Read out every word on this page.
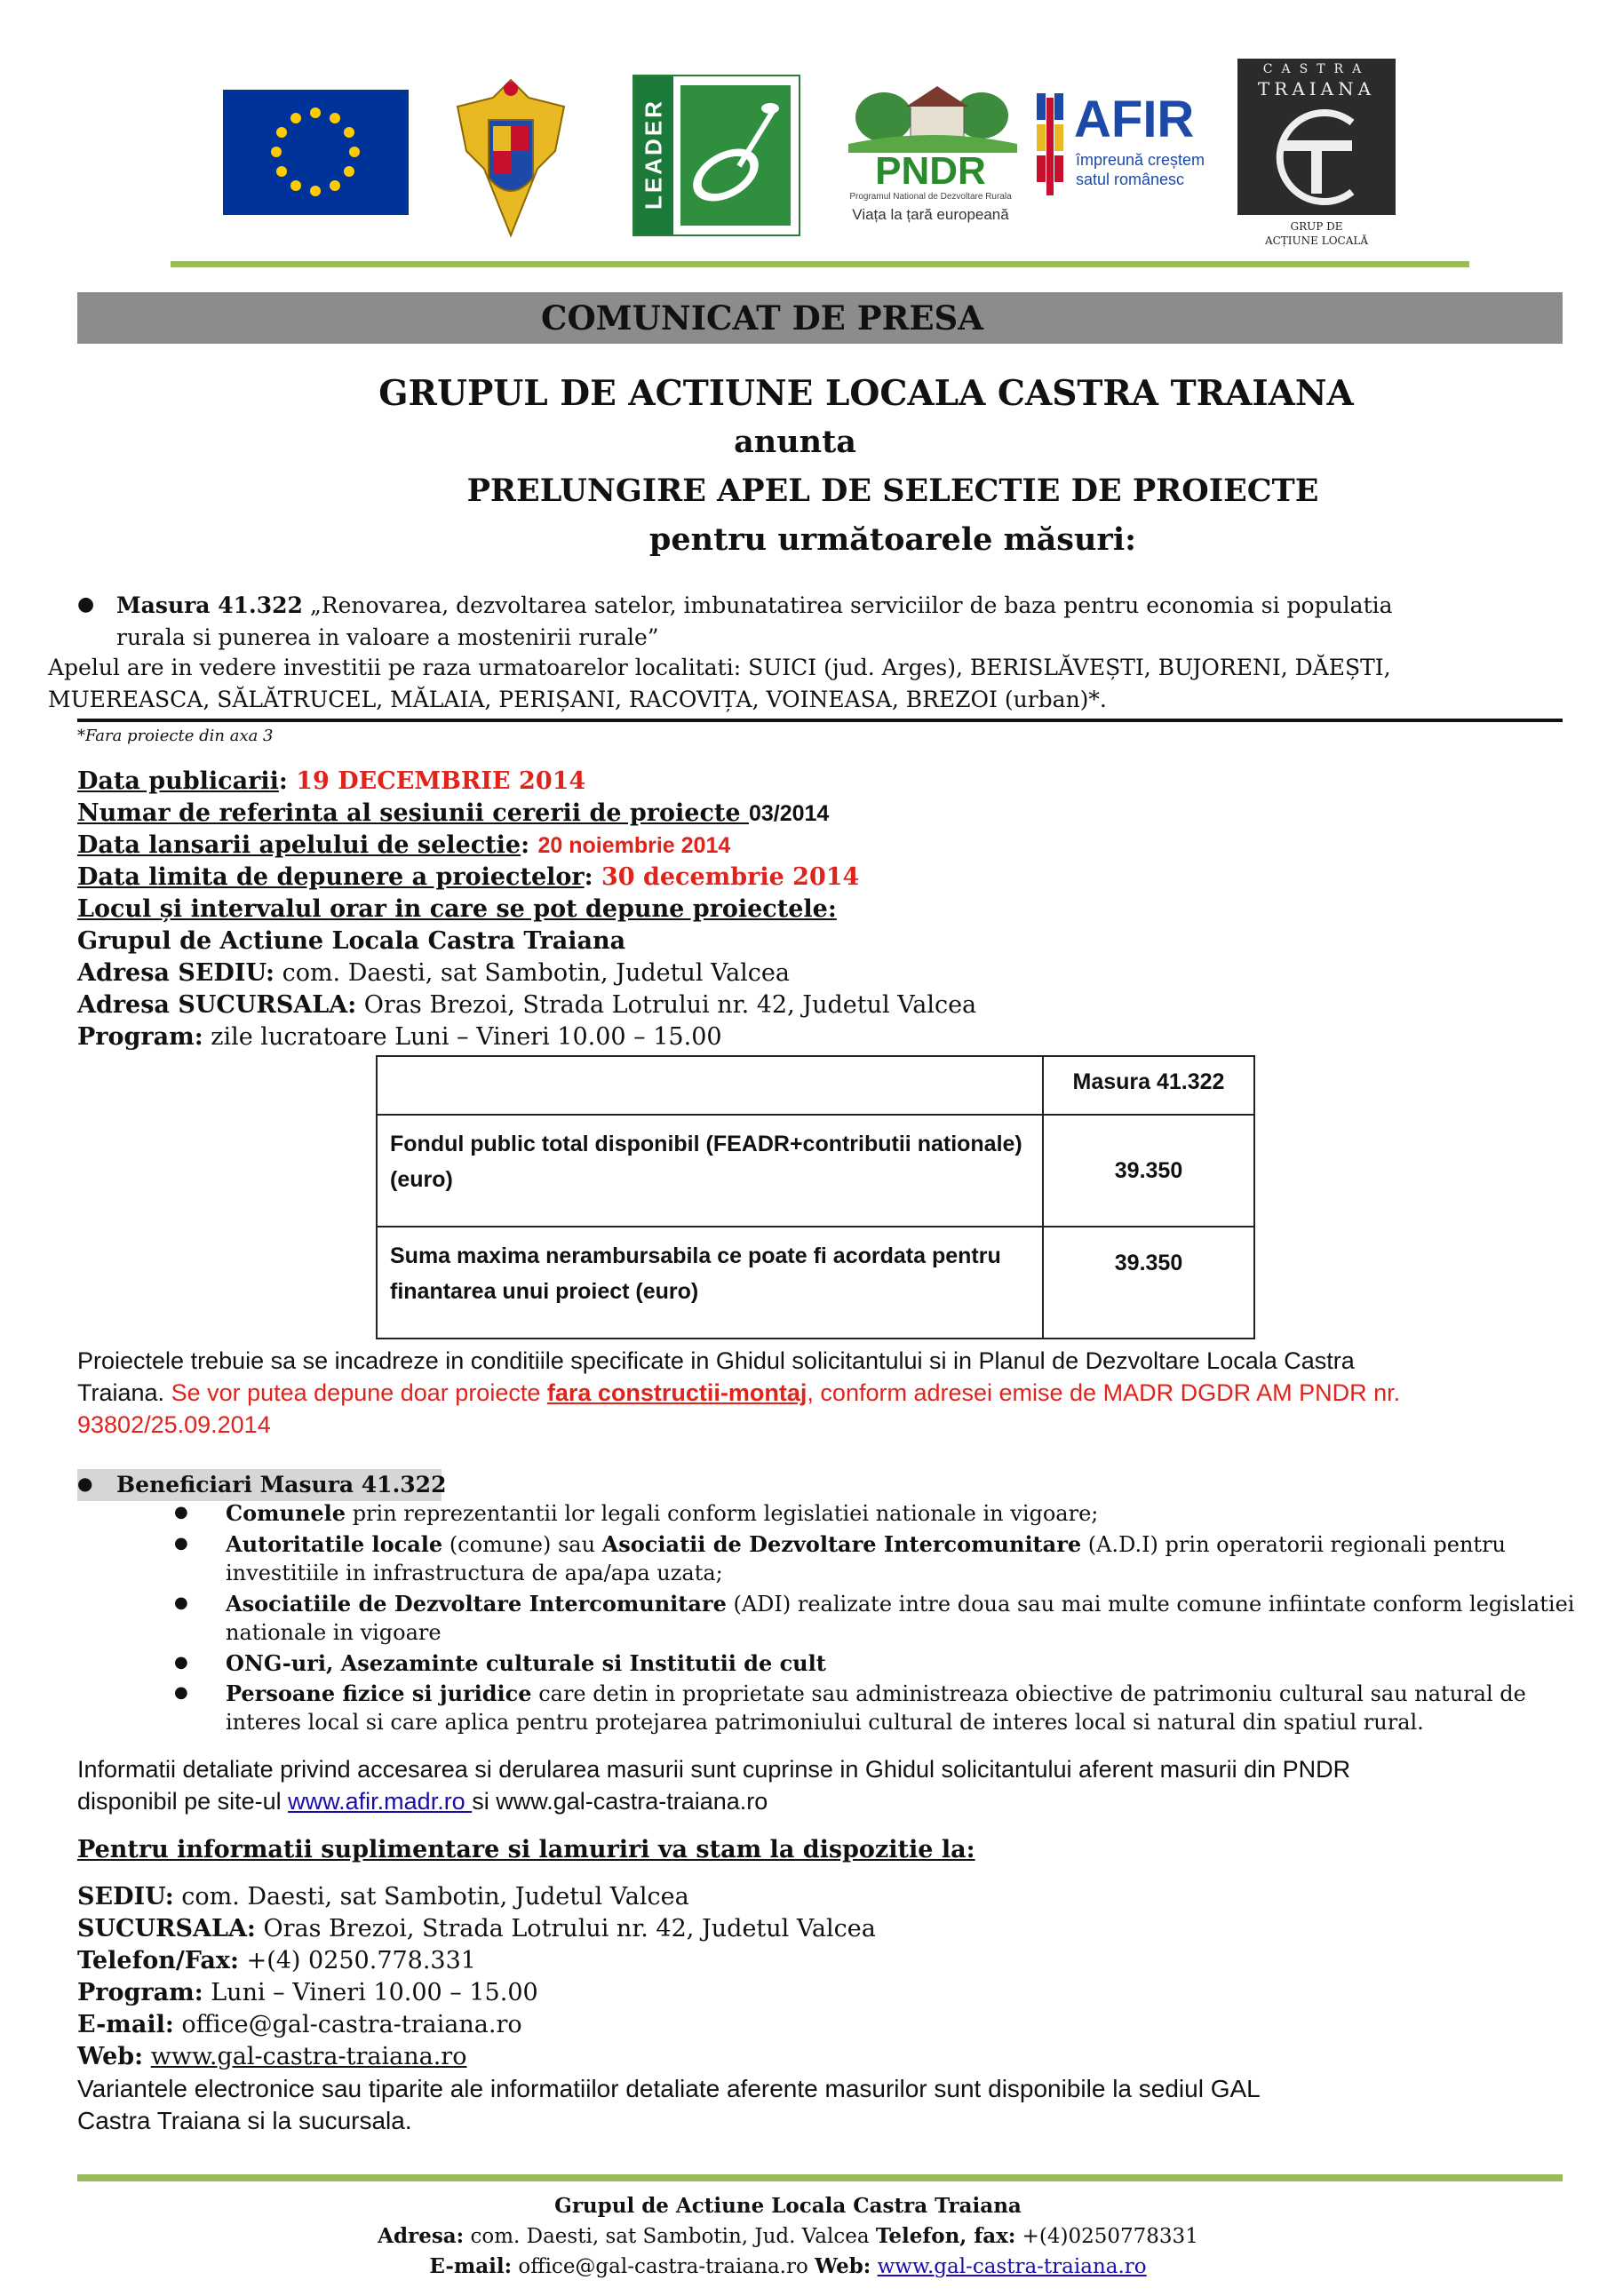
LEADER	PNDR
Programul National de Dezvoltare Rurala
Viața la țară europeană
AFIR
împreună creștem
satul românesc
CASTRA
TRAIANA
GRUP DE
ACȚIUNE LOCALĂ
COMUNICAT DE PRESA
GRUPUL DE ACTIUNE LOCALA CASTRA TRAIANA
anunta
PRELUNGIRE APEL DE SELECTIE DE PROIECTE
pentru următoarele măsuri:
● Masura 41.322 „Renovarea, dezvoltarea satelor, imbunatatirea serviciilor de baza pentru economia si populatia
rurala si punerea in valoare a mostenirii rurale”
Apelul are in vedere investitii pe raza urmatoarelor localitati: SUICI (jud. Arges), BERISLĂVEȘTI, BUJORENI, DĂEȘTI,
MUEREASCA, SĂLĂTRUCEL, MĂLAIA, PERIȘANI, RACOVIȚA, VOINEASA, BREZOI (urban)*.
*Fara proiecte din axa 3
Data publicarii: 19 DECEMBRIE 2014
Numar de referinta al sesiunii cererii de proiecte 03/2014
Data lansarii apelului de selectie: 20 noiembrie 2014
Data limita de depunere a proiectelor: 30 decembrie 2014
Locul și intervalul orar in care se pot depune proiectele:
Grupul de Actiune Locala Castra Traiana
Adresa SEDIU: com. Daesti, sat Sambotin, Judetul Valcea
Adresa SUCURSALA: Oras Brezoi, Strada Lotrului nr. 42, Judetul Valcea
Program: zile lucratoare Luni – Vineri 10.00 – 15.00
	Masura 41.322
Fondul public total disponibil (FEADR+contributii nationale)(euro)	39.350
Suma maxima nerambursabila ce poate fi acordata pentru finantarea unui proiect (euro)	39.350
Proiectele trebuie sa se incadreze in conditiile specificate in Ghidul solicitantului si in Planul de Dezvoltare Locala Castra
Traiana. Se vor putea depune doar proiecte fara constructii-montaj, conform adresei emise de MADR DGDR AM PNDR nr.
93802/25.09.2014
● Beneficiari Masura 41.322
● Comunele prin reprezentantii lor legali conform legislatiei nationale in vigoare;
● Autoritatile locale (comune) sau Asociatii de Dezvoltare Intercomunitare (A.D.I) prin operatorii regionali pentru
investitiile in infrastructura de apa/apa uzata;
● Asociatiile de Dezvoltare Intercomunitare (ADI) realizate intre doua sau mai multe comune infiintate conform legislatiei
nationale in vigoare
● ONG-uri, Asezaminte culturale si Institutii de cult
● Persoane fizice si juridice care detin in proprietate sau administreaza obiective de patrimoniu cultural sau natural de
interes local si care aplica pentru protejarea patrimoniului cultural de interes local si natural din spatiul rural.
Informatii detaliate privind accesarea si derularea masurii sunt cuprinse in Ghidul solicitantului aferent masurii din PNDR
disponibil pe site-ul www.afir.madr.ro si www.gal-castra-traiana.ro
Pentru informatii suplimentare si lamuriri va stam la dispozitie la:
SEDIU: com. Daesti, sat Sambotin, Judetul Valcea
SUCURSALA: Oras Brezoi, Strada Lotrului nr. 42, Judetul Valcea
Telefon/Fax: +(4) 0250.778.331
Program: Luni – Vineri 10.00 – 15.00
E-mail: office@gal-castra-traiana.ro
Web: www.gal-castra-traiana.ro
Variantele electronice sau tiparite ale informatiilor detaliate aferente masurilor sunt disponibile la sediul GAL
Castra Traiana si la sucursala.
Grupul de Actiune Locala Castra Traiana
Adresa: com. Daesti, sat Sambotin, Jud. Valcea Telefon, fax: +(4)0250778331
E-mail: office@gal-castra-traiana.ro Web: www.gal-castra-traiana.ro
